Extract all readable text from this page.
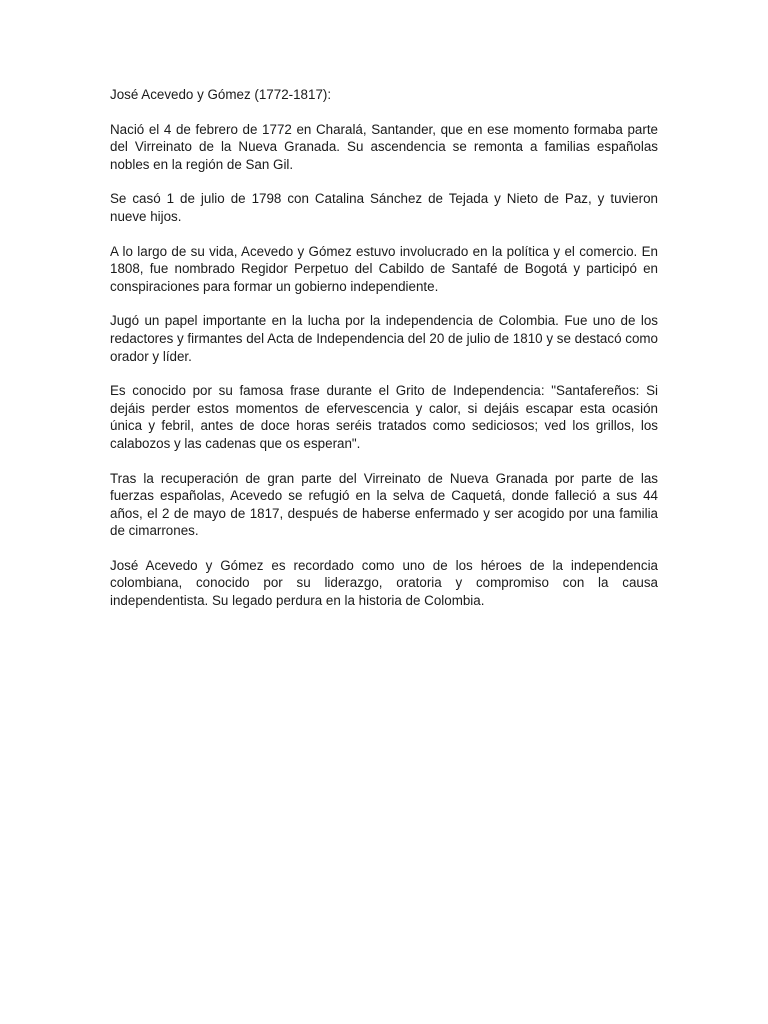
José Acevedo y Gómez (1772-1817):

Nació el 4 de febrero de 1772 en Charalá, Santander, que en ese momento formaba parte del Virreinato de la Nueva Granada. Su ascendencia se remonta a familias españolas nobles en la región de San Gil.

Se casó 1 de julio de 1798 con Catalina Sánchez de Tejada y Nieto de Paz, y tuvieron nueve hijos.

A lo largo de su vida, Acevedo y Gómez estuvo involucrado en la política y el comercio. En 1808, fue nombrado Regidor Perpetuo del Cabildo de Santafé de Bogotá y participó en conspiraciones para formar un gobierno independiente.

Jugó un papel importante en la lucha por la independencia de Colombia. Fue uno de los redactores y firmantes del Acta de Independencia del 20 de julio de 1810 y se destacó como orador y líder.

Es conocido por su famosa frase durante el Grito de Independencia: "Santafereños: Si dejáis perder estos momentos de efervescencia y calor, si dejáis escapar esta ocasión única y febril, antes de doce horas seréis tratados como sediciosos; ved los grillos, los calabozos y las cadenas que os esperan".

Tras la recuperación de gran parte del Virreinato de Nueva Granada por parte de las fuerzas españolas, Acevedo se refugió en la selva de Caquetá, donde falleció a sus 44 años, el 2 de mayo de 1817, después de haberse enfermado y ser acogido por una familia de cimarrones.

José Acevedo y Gómez es recordado como uno de los héroes de la independencia colombiana, conocido por su liderazgo, oratoria y compromiso con la causa independentista. Su legado perdura en la historia de Colombia.
